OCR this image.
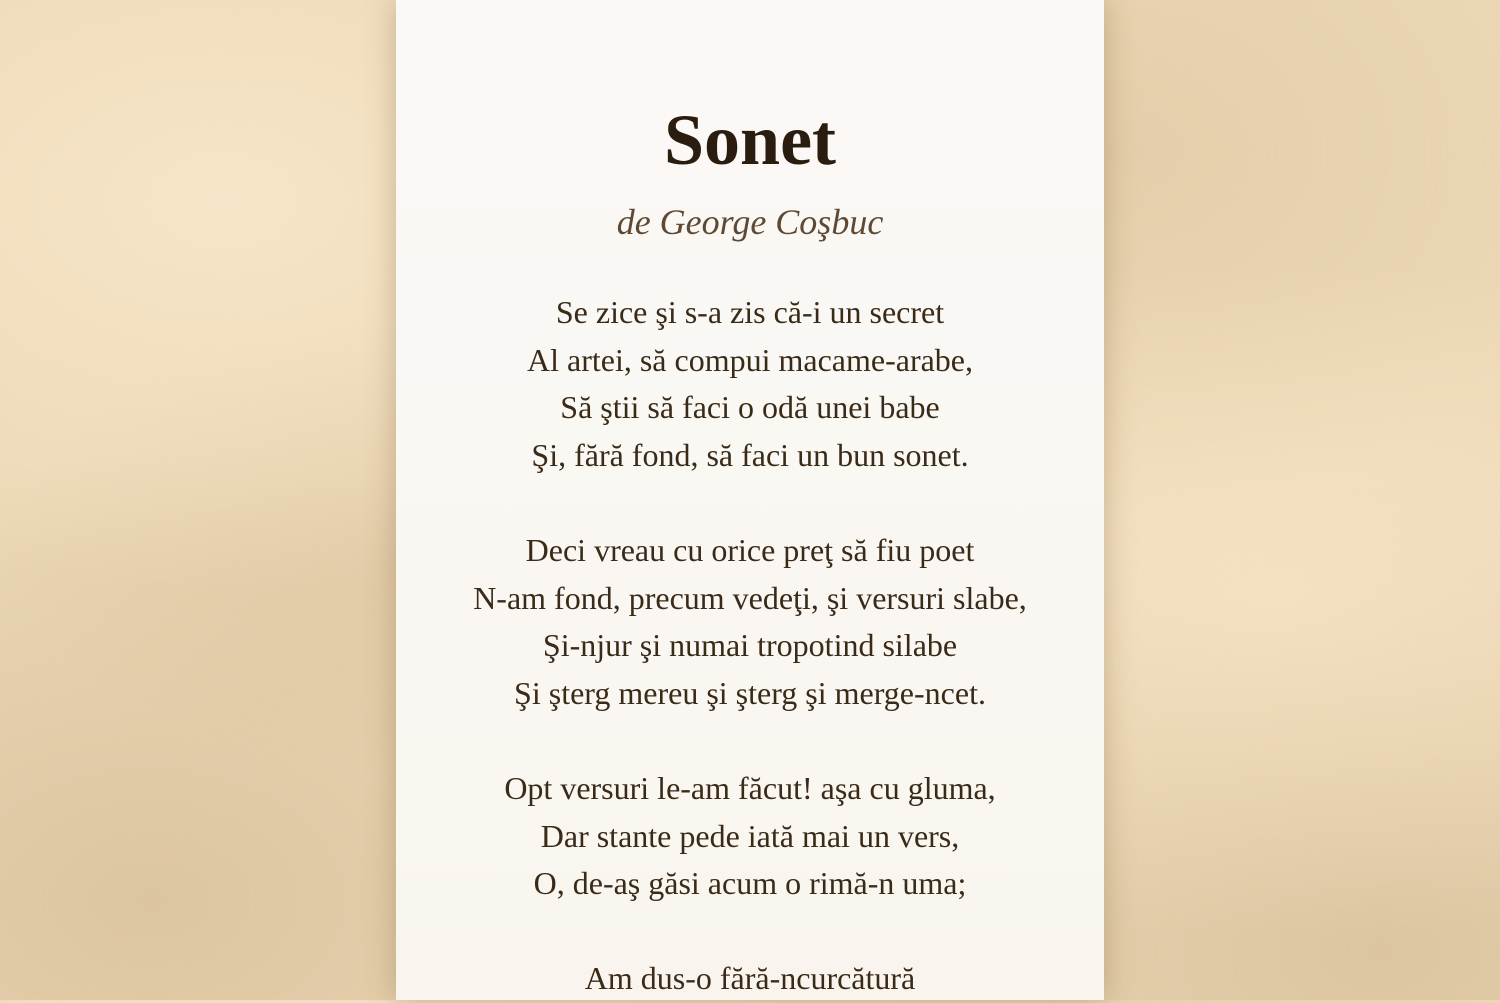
Sonet
de George Coşbuc
Se zice şi s-a zis că-i un secret
Al artei, să compui macame-arabe,
Să ştii să faci o odă unei babe
Şi, fără fond, să faci un bun sonet.
Deci vreau cu orice preţ să fiu poet
N-am fond, precum vedeţi, şi versuri slabe,
Şi-njur şi numai tropotind silabe
Şi şterg mereu şi şterg şi merge-ncet.
Opt versuri le-am făcut! aşa cu gluma,
Dar stante pede iată mai un vers,
O, de-aş găsi acum o rimă-n uma;
Am dus-o fără-ncurcătură
